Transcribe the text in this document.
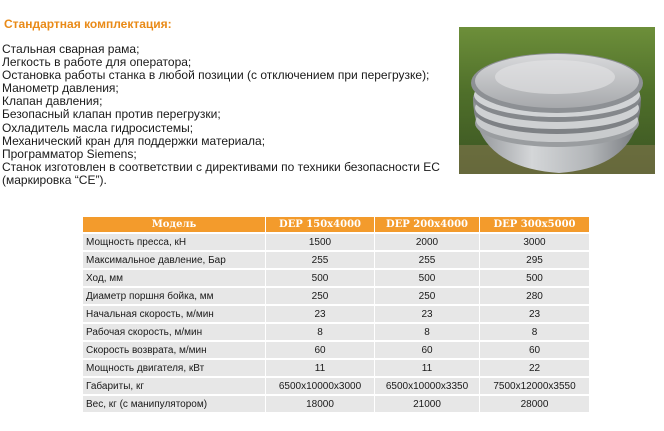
Стандартная комплектация:
Стальная сварная рама;
Легкость в работе для оператора;
Остановка работы станка в любой позиции (с отключением при перегрузке);
Манометр давления;
Клапан давления;
Безопасный клапан против перегрузки;
Охладитель масла гидросистемы;
Механический кран для поддержки материала;
Программатор Siemens;
Станок изготовлен в соответствии с директивами по техники безопасности ЕС (маркировка “CE”).
Модель	DEP 150x4000	DEP 200x4000	DEP 300x5000
Мощность пресса, кН	1500	2000	3000
Максимальное давление, Бар	255	255	295
Ход, мм	500	500	500
Диаметр поршня бойка, мм	250	250	280
Начальная скорость, м/мин	23	23	23
Рабочая скорость, м/мин	8	8	8
Скорость возврата, м/мин	60	60	60
Мощность двигателя, кВт	11	11	22
Габариты, кг	6500x10000x3000	6500x10000x3350	7500x12000x3550
Вес, кг (с манипулятором)	18000	21000	28000
